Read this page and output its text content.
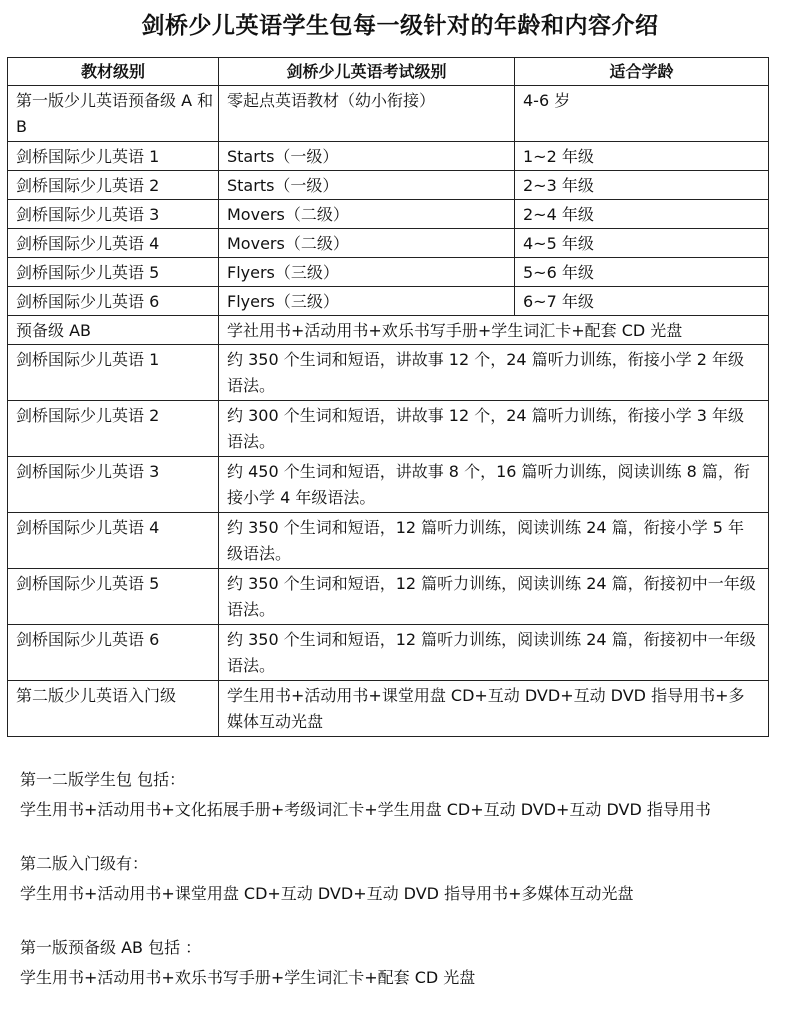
剑桥少儿英语学生包每一级针对的年龄和内容介绍
教材级别	剑桥少儿英语考试级别	适合学龄
第一版少儿英语预备级 A 和 B	零起点英语教材（幼小衔接）	4-6 岁
剑桥国际少儿英语 1	Starts（一级）	1~2 年级
剑桥国际少儿英语 2	Starts（一级）	2~3 年级
剑桥国际少儿英语 3	Movers（二级）	2~4 年级
剑桥国际少儿英语 4	Movers（二级）	4~5 年级
剑桥国际少儿英语 5	Flyers（三级）	5~6 年级
剑桥国际少儿英语 6	Flyers（三级）	6~7 年级
预备级 AB	学社用书+活动用书+欢乐书写手册+学生词汇卡+配套 CD 光盘	
剑桥国际少儿英语 1	约 350 个生词和短语，讲故事 12 个，24 篇听力训练，衔接小学 2 年级语法。	
剑桥国际少儿英语 2	约 300 个生词和短语，讲故事 12 个，24 篇听力训练，衔接小学 3 年级语法。	
剑桥国际少儿英语 3	约 450 个生词和短语，讲故事 8 个，16 篇听力训练，阅读训练 8 篇，衔接小学 4 年级语法。	
剑桥国际少儿英语 4	约 350 个生词和短语，12 篇听力训练，阅读训练 24 篇，衔接小学 5 年级语法。	
剑桥国际少儿英语 5	约 350 个生词和短语，12 篇听力训练，阅读训练 24 篇，衔接初中一年级语法。	
剑桥国际少儿英语 6	约 350 个生词和短语，12 篇听力训练，阅读训练 24 篇，衔接初中一年级语法。	
第二版少儿英语入门级	学生用书+活动用书+课堂用盘 CD+互动 DVD+互动 DVD 指导用书+多媒体互动光盘	

第一二版学生包 包括：

学生用书+活动用书+文化拓展手册+考级词汇卡+学生用盘 CD+互动 DVD+互动 DVD 指导用书

第二版入门级有：

学生用书+活动用书+课堂用盘 CD+互动 DVD+互动 DVD 指导用书+多媒体互动光盘

第一版预备级 AB 包括 ：

学生用书+活动用书+欢乐书写手册+学生词汇卡+配套 CD 光盘
